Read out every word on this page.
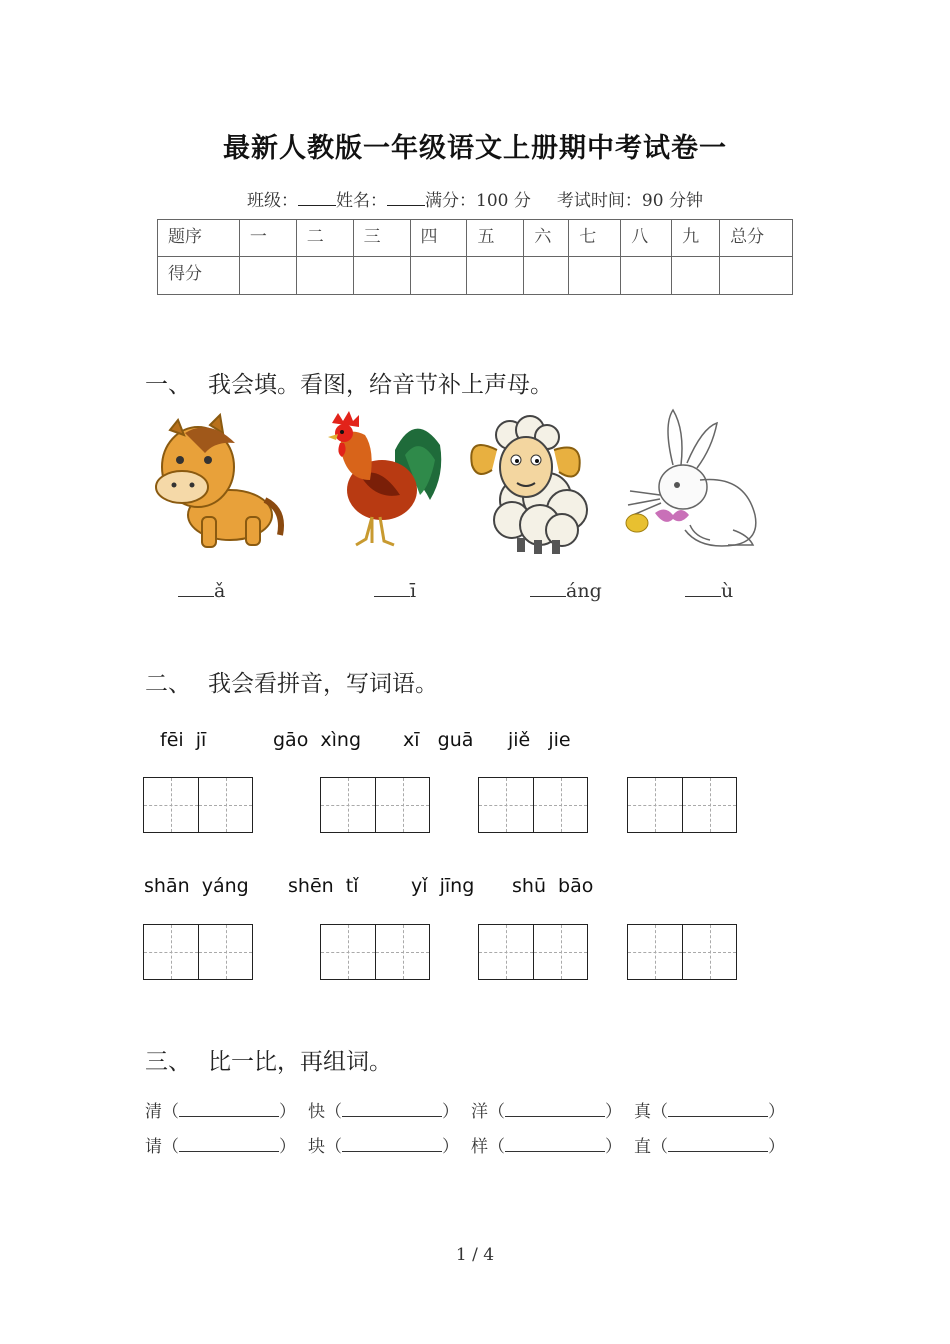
最新人教版一年级语文上册期中考试卷一
班级： 姓名： 满分：100 分 考试时间：90 分钟
题序	一	二	三	四	五	六	七	八	九	总分
得分										
一、 我会填。看图，给音节补上声母。
ǎ	ī	áng	ù
二、 我会看拼音，写词语。
fēi  jī	gāo  xìng xī   guā jiě   jie
shān  yáng shēn  tǐ	yǐ  jīng shū  bāo
三、 比一比，再组词。
清（	） 快（	） 洋（	） 真（	）
请（	） 块（	） 样（	） 直（	）
1 / 4
